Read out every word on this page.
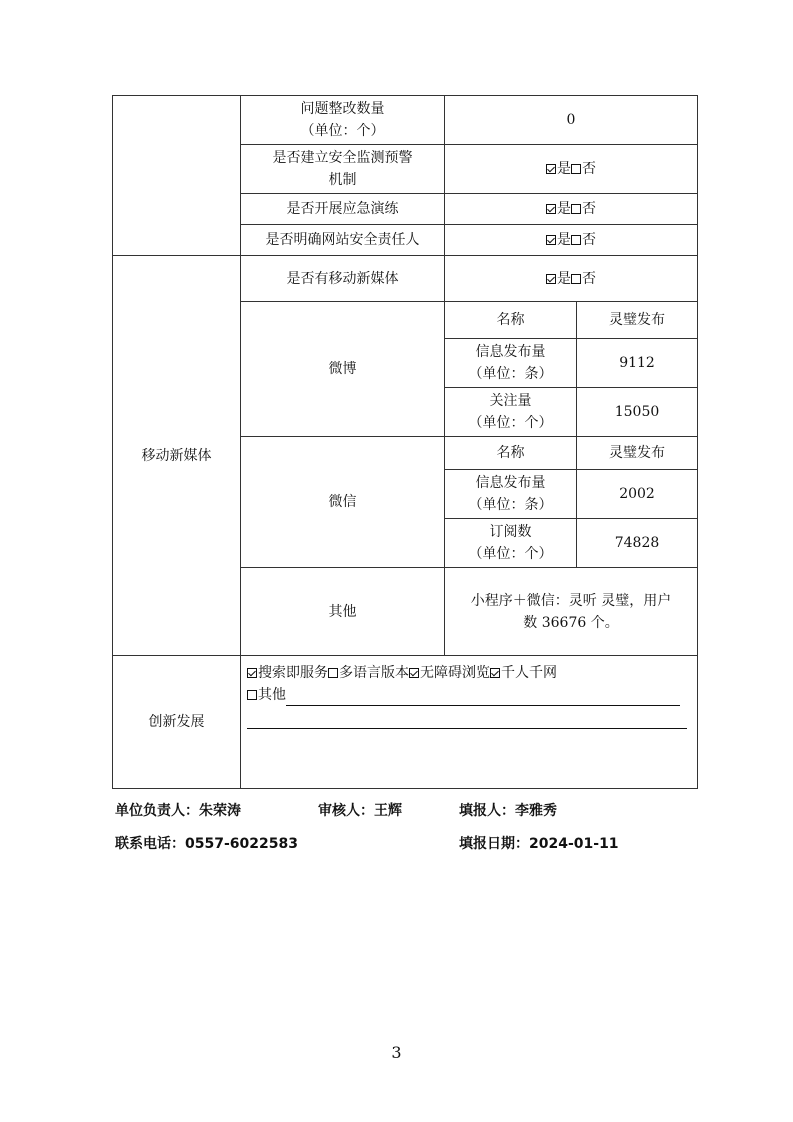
	问题整改数量
（单位：个）	0	

	是否建立安全监测预警
机制	是 否	
	是否开展应急演练	是 否	
	是否明确网站安全责任人	是 否	
移动新媒体	是否有移动新媒体	是 否	
	微博	名称	灵璧发布

		信息发布量
（单位：条）	9112

		关注量
（单位：个）	15050
	微信	名称	灵璧发布

		信息发布量
（单位：条）	2002

		订阅数
（单位：个）	74828
	其他	小程序＋微信：灵听 灵璧，用户
数 36676 个。	

创新发展	搜索即服务 多语言版本 无障碍浏览 千人千网
其他		
单位负责人：朱荣涛	审核人：王辉	填报人：李雅秀
联系电话：0557-6022583	填报日期：2024-01-11
3
